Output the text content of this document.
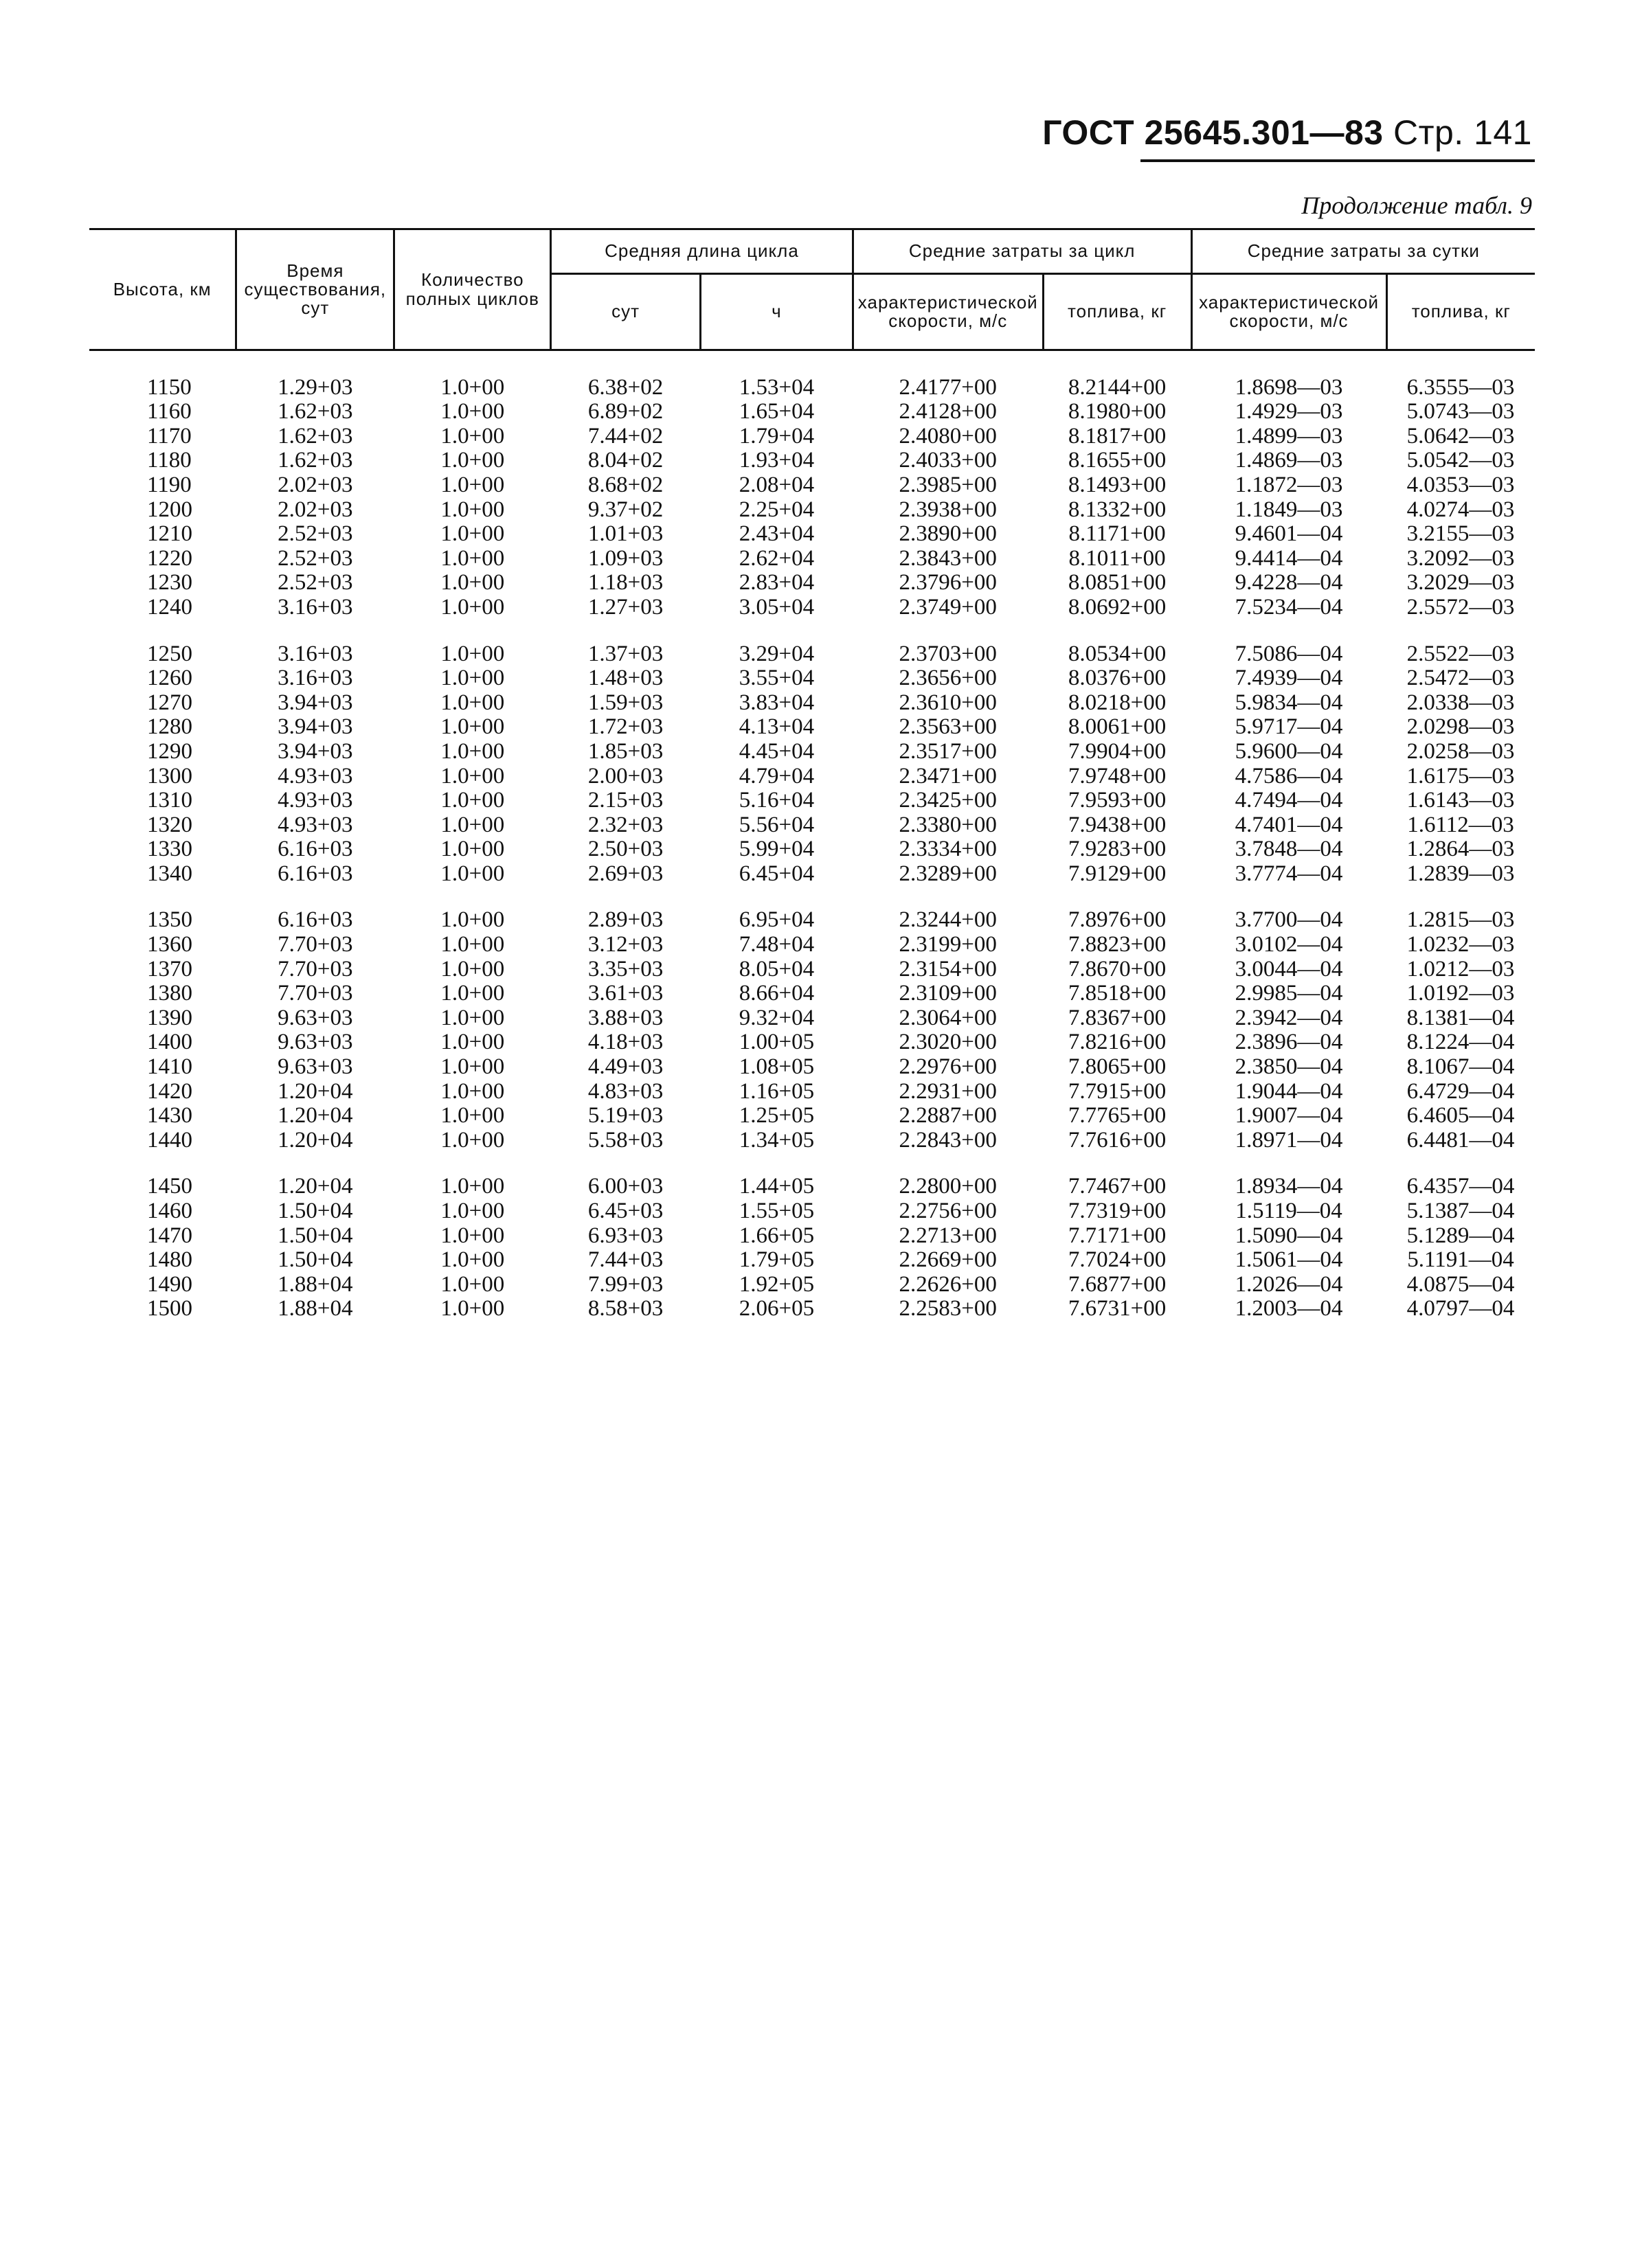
ГОСТ 25645.301—83 Стр. 141
Продолжение табл. 9
Высота, км	Время существования, сут	Количество полных циклов	Средняя длина цикла		Средние затраты за цикл		Средние затраты за сутки	
			сут	ч	характеристической скорости, м/с	топлива, кг	характеристической скорости, м/с	топлива, кг

1150	1.29+03	1.0+00	6.38+02	1.53+04	2.4177+00	8.2144+00	1.8698—03	6.3555—03
1160	1.62+03	1.0+00	6.89+02	1.65+04	2.4128+00	8.1980+00	1.4929—03	5.0743—03
1170	1.62+03	1.0+00	7.44+02	1.79+04	2.4080+00	8.1817+00	1.4899—03	5.0642—03
1180	1.62+03	1.0+00	8.04+02	1.93+04	2.4033+00	8.1655+00	1.4869—03	5.0542—03
1190	2.02+03	1.0+00	8.68+02	2.08+04	2.3985+00	8.1493+00	1.1872—03	4.0353—03
1200	2.02+03	1.0+00	9.37+02	2.25+04	2.3938+00	8.1332+00	1.1849—03	4.0274—03
1210	2.52+03	1.0+00	1.01+03	2.43+04	2.3890+00	8.1171+00	9.4601—04	3.2155—03
1220	2.52+03	1.0+00	1.09+03	2.62+04	2.3843+00	8.1011+00	9.4414—04	3.2092—03
1230	2.52+03	1.0+00	1.18+03	2.83+04	2.3796+00	8.0851+00	9.4228—04	3.2029—03
1240	3.16+03	1.0+00	1.27+03	3.05+04	2.3749+00	8.0692+00	7.5234—04	2.5572—03

1250	3.16+03	1.0+00	1.37+03	3.29+04	2.3703+00	8.0534+00	7.5086—04	2.5522—03
1260	3.16+03	1.0+00	1.48+03	3.55+04	2.3656+00	8.0376+00	7.4939—04	2.5472—03
1270	3.94+03	1.0+00	1.59+03	3.83+04	2.3610+00	8.0218+00	5.9834—04	2.0338—03
1280	3.94+03	1.0+00	1.72+03	4.13+04	2.3563+00	8.0061+00	5.9717—04	2.0298—03
1290	3.94+03	1.0+00	1.85+03	4.45+04	2.3517+00	7.9904+00	5.9600—04	2.0258—03
1300	4.93+03	1.0+00	2.00+03	4.79+04	2.3471+00	7.9748+00	4.7586—04	1.6175—03
1310	4.93+03	1.0+00	2.15+03	5.16+04	2.3425+00	7.9593+00	4.7494—04	1.6143—03
1320	4.93+03	1.0+00	2.32+03	5.56+04	2.3380+00	7.9438+00	4.7401—04	1.6112—03
1330	6.16+03	1.0+00	2.50+03	5.99+04	2.3334+00	7.9283+00	3.7848—04	1.2864—03
1340	6.16+03	1.0+00	2.69+03	6.45+04	2.3289+00	7.9129+00	3.7774—04	1.2839—03

1350	6.16+03	1.0+00	2.89+03	6.95+04	2.3244+00	7.8976+00	3.7700—04	1.2815—03
1360	7.70+03	1.0+00	3.12+03	7.48+04	2.3199+00	7.8823+00	3.0102—04	1.0232—03
1370	7.70+03	1.0+00	3.35+03	8.05+04	2.3154+00	7.8670+00	3.0044—04	1.0212—03
1380	7.70+03	1.0+00	3.61+03	8.66+04	2.3109+00	7.8518+00	2.9985—04	1.0192—03
1390	9.63+03	1.0+00	3.88+03	9.32+04	2.3064+00	7.8367+00	2.3942—04	8.1381—04
1400	9.63+03	1.0+00	4.18+03	1.00+05	2.3020+00	7.8216+00	2.3896—04	8.1224—04
1410	9.63+03	1.0+00	4.49+03	1.08+05	2.2976+00	7.8065+00	2.3850—04	8.1067—04
1420	1.20+04	1.0+00	4.83+03	1.16+05	2.2931+00	7.7915+00	1.9044—04	6.4729—04
1430	1.20+04	1.0+00	5.19+03	1.25+05	2.2887+00	7.7765+00	1.9007—04	6.4605—04
1440	1.20+04	1.0+00	5.58+03	1.34+05	2.2843+00	7.7616+00	1.8971—04	6.4481—04

1450	1.20+04	1.0+00	6.00+03	1.44+05	2.2800+00	7.7467+00	1.8934—04	6.4357—04
1460	1.50+04	1.0+00	6.45+03	1.55+05	2.2756+00	7.7319+00	1.5119—04	5.1387—04
1470	1.50+04	1.0+00	6.93+03	1.66+05	2.2713+00	7.7171+00	1.5090—04	5.1289—04
1480	1.50+04	1.0+00	7.44+03	1.79+05	2.2669+00	7.7024+00	1.5061—04	5.1191—04
1490	1.88+04	1.0+00	7.99+03	1.92+05	2.2626+00	7.6877+00	1.2026—04	4.0875—04
1500	1.88+04	1.0+00	8.58+03	2.06+05	2.2583+00	7.6731+00	1.2003—04	4.0797—04
